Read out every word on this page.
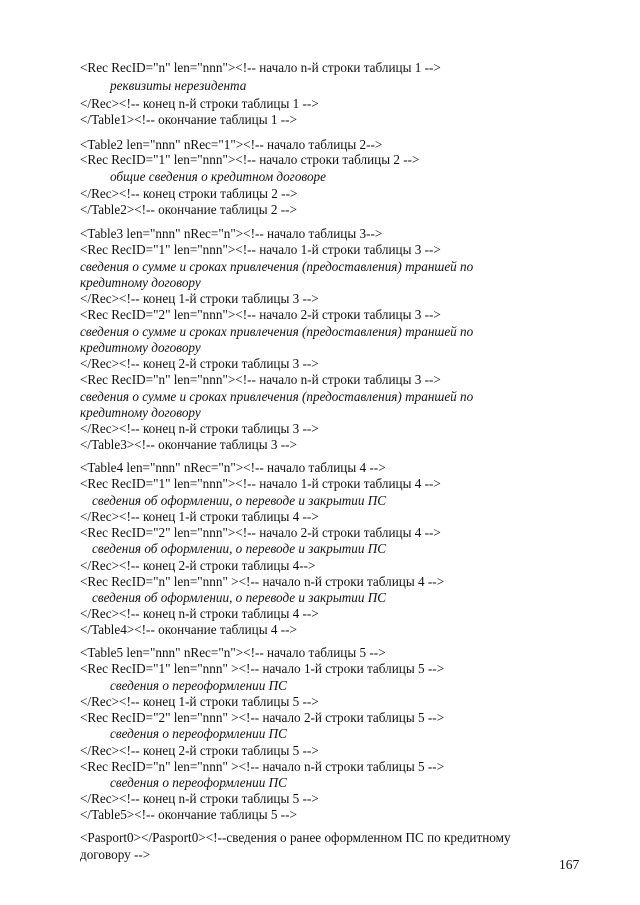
<Rec RecID="n" len="nnn"><!-- начало n-й строки таблицы 1 -->
реквизиты нерезидента
</Rec><!-- конец n-й строки таблицы 1 -->
</Table1><!-- окончание таблицы 1 -->
<Table2 len="nnn" nRec="1"><!-- начало таблицы 2-->
<Rec RecID="1" len="nnn"><!-- начало строки таблицы 2 -->
общие сведения о кредитном договоре
</Rec><!-- конец строки таблицы 2 -->
</Table2><!-- окончание таблицы 2 -->
<Table3 len="nnn" nRec="n"><!-- начало таблицы 3-->
<Rec RecID="1" len="nnn"><!-- начало 1-й строки таблицы 3 -->
сведения о сумме и сроках привлечения (предоставления) траншей по
кредитному договору
</Rec><!-- конец 1-й строки таблицы 3 -->
<Rec RecID="2" len="nnn"><!-- начало 2-й строки таблицы 3 -->
сведения о сумме и сроках привлечения (предоставления) траншей по
кредитному договору
</Rec><!-- конец 2-й строки таблицы 3 -->
<Rec RecID="n" len="nnn"><!-- начало n-й строки таблицы 3 -->
сведения о сумме и сроках привлечения (предоставления) траншей по
кредитному договору
</Rec><!-- конец n-й строки таблицы 3 -->
</Table3><!-- окончание таблицы 3 -->
<Table4 len="nnn" nRec="n"><!-- начало таблицы 4 -->
<Rec RecID="1" len="nnn"><!-- начало 1-й строки таблицы 4 -->
сведения об оформлении, о переводе и закрытии ПС
</Rec><!-- конец 1-й строки таблицы 4 -->
<Rec RecID="2" len="nnn"><!-- начало 2-й строки таблицы 4 -->
сведения об оформлении, о переводе и закрытии ПС
</Rec><!-- конец 2-й строки таблицы 4-->
<Rec RecID="n" len="nnn" ><!-- начало n-й строки таблицы 4 -->
сведения об оформлении, о переводе и закрытии ПС
</Rec><!-- конец n-й строки таблицы 4 -->
</Table4><!-- окончание таблицы 4 -->
<Table5 len="nnn" nRec="n"><!-- начало таблицы 5 -->
<Rec RecID="1" len="nnn" ><!-- начало 1-й строки таблицы 5 -->
сведения о переоформлении ПС
</Rec><!-- конец 1-й строки таблицы 5 -->
<Rec RecID="2" len="nnn" ><!-- начало 2-й строки таблицы 5 -->
сведения о переоформлении ПС
</Rec><!-- конец 2-й строки таблицы 5 -->
<Rec RecID="n" len="nnn" ><!-- начало n-й строки таблицы 5 -->
сведения о переоформлении ПС
</Rec><!-- конец n-й строки таблицы 5 -->
</Table5><!-- окончание таблицы 5 -->
<Pasport0></Pasport0><!--сведения о ранее оформленном ПС по кредитному
договору -->
167
